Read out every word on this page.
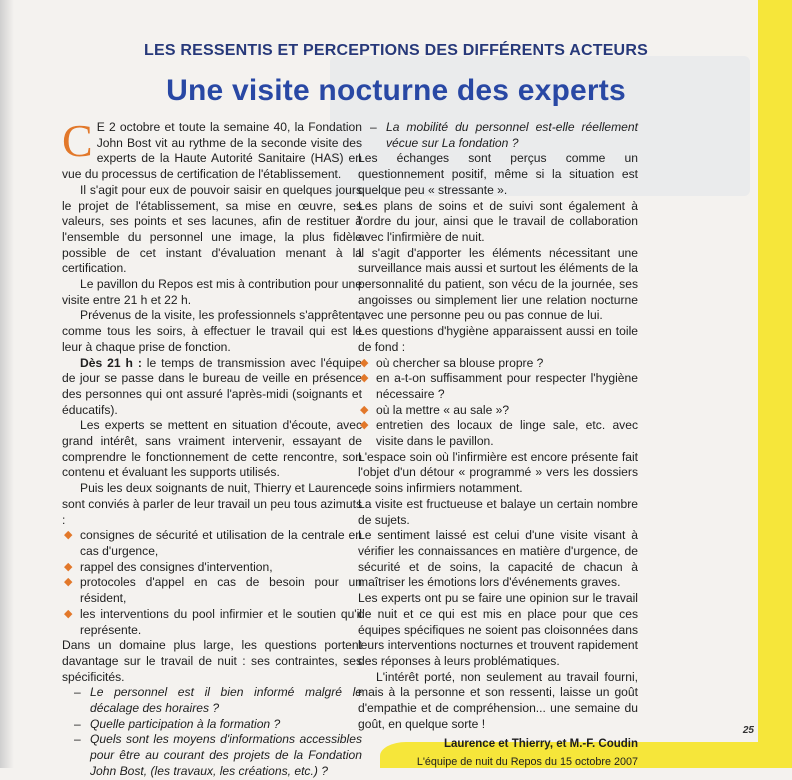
LES RESSENTIS ET PERCEPTIONS DES DIFFÉRENTS ACTEURS
Une visite nocturne des experts

C E 2 octobre et toute la semaine 40, la Fondation John Bost vit au rythme de la seconde visite des experts de la Haute Autorité Sanitaire (HAS) en vue du processus de certification de l'établissement.

Il s'agit pour eux de pouvoir saisir en quelques jours le projet de l'établissement, sa mise en œuvre, ses valeurs, ses points et ses lacunes, afin de restituer à l'ensemble du personnel une image, la plus fidèle possible de cet instant d'évaluation menant à la certification.

Le pavillon du Repos est mis à contribution pour une visite entre 21 h et 22 h.

Prévenus de la visite, les professionnels s'apprêtent, comme tous les soirs, à effectuer le travail qui est le leur à chaque prise de fonction.

Dès 21 h : le temps de transmission avec l'équipe de jour se passe dans le bureau de veille en présence des personnes qui ont assuré l'après-midi (soignants et éducatifs).

Les experts se mettent en situation d'écoute, avec grand intérêt, sans vraiment intervenir, essayant de comprendre le fonctionnement de cette rencontre, son contenu et évaluant les supports utilisés.

Puis les deux soignants de nuit, Thierry et Laurence, sont conviés à parler de leur travail un peu tous azimuts :

◆ consignes de sécurité et utilisation de la centrale en cas d'urgence,

◆ rappel des consignes d'intervention,

◆ protocoles d'appel en cas de besoin pour un résident,

◆ les interventions du pool infirmier et le soutien qu'il représente.

Dans un domaine plus large, les questions portent davantage sur le travail de nuit : ses contraintes, ses spécificités.

– Le personnel est il bien informé malgré le décalage des horaires ?

– Quelle participation à la formation ?

– Quels sont les moyens d'informations accessibles pour être au courant des projets de la Fondation John Bost, (les travaux, les créations, etc.) ?

– La mobilité du personnel est-elle réellement vécue sur La fondation ?

Les échanges sont perçus comme un questionnement positif, même si la situation est quelque peu « stressante ».

Les plans de soins et de suivi sont également à l'ordre du jour, ainsi que le travail de collaboration avec l'infirmière de nuit.

Il s'agit d'apporter les éléments nécessitant une surveillance mais aussi et surtout les éléments de la personnalité du patient, son vécu de la journée, ses angoisses ou simplement lier une relation nocturne avec une personne peu ou pas connue de lui.

Les questions d'hygiène apparaissent aussi en toile de fond :

◆ où chercher sa blouse propre ?

◆ en a-t-on suffisamment pour respecter l'hygiène nécessaire ?

◆ où la mettre « au sale »?

◆ entretien des locaux de linge sale, etc. avec visite dans le pavillon.

L'espace soin où l'infirmière est encore présente fait l'objet d'un détour « programmé » vers les dossiers de soins infirmiers notamment.

La visite est fructueuse et balaye un certain nombre de sujets.

Le sentiment laissé est celui d'une visite visant à vérifier les connaissances en matière d'urgence, de sécurité et de soins, la capacité de chacun à maîtriser les émotions lors d'événements graves.

Les experts ont pu se faire une opinion sur le travail de nuit et ce qui est mis en place pour que ces équipes spécifiques ne soient pas cloisonnées dans leurs interventions nocturnes et trouvent rapidement des réponses à leurs problématiques.

L'intérêt porté, non seulement au travail fourni, mais à la personne et son ressenti, laisse un goût d'empathie et de compréhension... une semaine du goût, en quelque sorte !

Laurence et Thierry, et M.-F. Coudin
L'équipe de nuit du Repos du 15 octobre 2007
25
